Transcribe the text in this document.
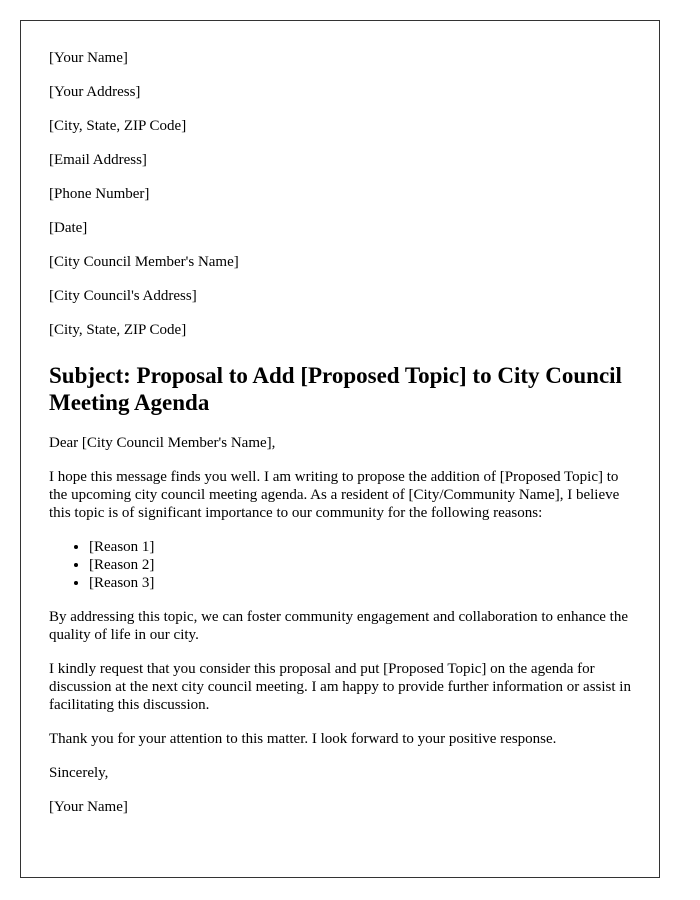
[Your Name]
[Your Address]
[City, State, ZIP Code]
[Email Address]
[Phone Number]
[Date]
[City Council Member's Name]
[City Council's Address]
[City, State, ZIP Code]
Subject: Proposal to Add [Proposed Topic] to City Council Meeting Agenda

Dear [City Council Member's Name],

I hope this message finds you well. I am writing to propose the addition of [Proposed Topic] to the upcoming city council meeting agenda. As a resident of [City/Community Name], I believe this topic is of significant importance to our community for the following reasons:

• [Reason 1]
• [Reason 2]
• [Reason 3]

By addressing this topic, we can foster community engagement and collaboration to enhance the quality of life in our city.

I kindly request that you consider this proposal and put [Proposed Topic] on the agenda for discussion at the next city council meeting. I am happy to provide further information or assist in facilitating this discussion.

Thank you for your attention to this matter. I look forward to your positive response.

Sincerely,

[Your Name]
